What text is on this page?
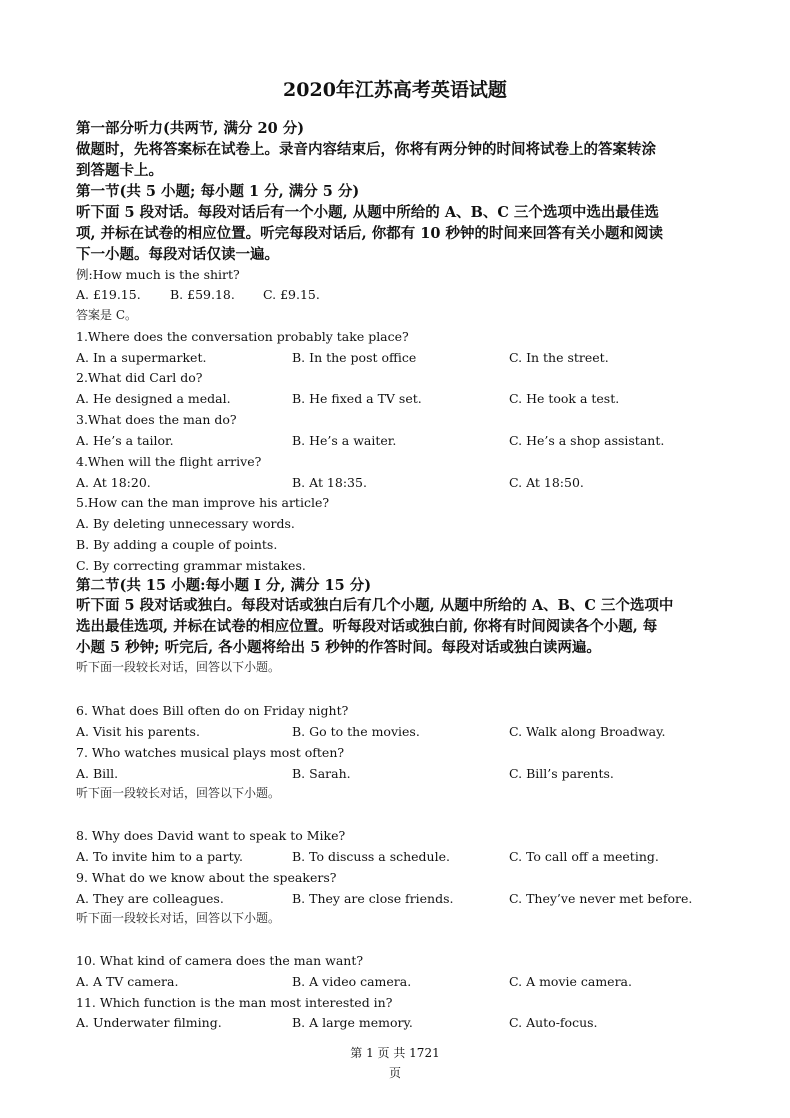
2020年江苏高考英语试题
第一部分听力(共两节, 满分 20 分)
做题时，先将答案标在试卷上。录音内容结束后，你将有两分钟的时间将试卷上的答案转涂
到答题卡上。
第一节(共 5 小题; 每小题 1 分, 满分 5 分)
听下面 5 段对话。每段对话后有一个小题, 从题中所给的 A、B、C 三个选项中选出最佳选
项, 并标在试卷的相应位置。听完每段对话后, 你都有 10 秒钟的时间来回答有关小题和阅读
下一小题。每段对话仅读一遍。
例:How much is the shirt?
A. £19.15. B. £59.18. C. £9.15.
答案是 C。
1.Where does the conversation probably take place?
A. In a supermarket.	B. In the post office	C. In the street.
2.What did Carl do?
A. He designed a medal.	B. He fixed a TV set.	C. He took a test.
3.What does the man do?
A. He’s a tailor.	B. He’s a waiter.	C. He’s a shop assistant.
4.When will the flight arrive?
A. At 18:20.	B. At 18:35.	C. At 18:50.
5.How can the man improve his article?
A. By deleting unnecessary words.
B. By adding a couple of points.
C. By correcting grammar mistakes.
第二节(共 15 小题:每小题 I 分, 满分 15 分)
听下面 5 段对话或独白。每段对话或独白后有几个小题, 从题中所给的 A、B、C 三个选项中
选出最佳选项, 并标在试卷的相应位置。听每段对话或独白前, 你将有时间阅读各个小题, 每
小题 5 秒钟; 听完后, 各小题将给出 5 秒钟的作答时间。每段对话或独白读两遍。
听下面一段较长对话，回答以下小题。
6. What does Bill often do on Friday night?
A. Visit his parents.	B. Go to the movies.	C. Walk along Broadway.
7. Who watches musical plays most often?
A. Bill.	B. Sarah.	C. Bill’s parents.
听下面一段较长对话，回答以下小题。
8. Why does David want to speak to Mike?
A. To invite him to a party.	B. To discuss a schedule.	C. To call off a meeting.
9. What do we know about the speakers?
A. They are colleagues.	B. They are close friends.	C. They’ve never met before.
听下面一段较长对话，回答以下小题。
10. What kind of camera does the man want?
A. A TV camera.	B. A video camera.	C. A movie camera.
11. Which function is the man most interested in?
A. Underwater filming.	B. A large memory.	C. Auto-focus.
第 1 页 共 1721
页
